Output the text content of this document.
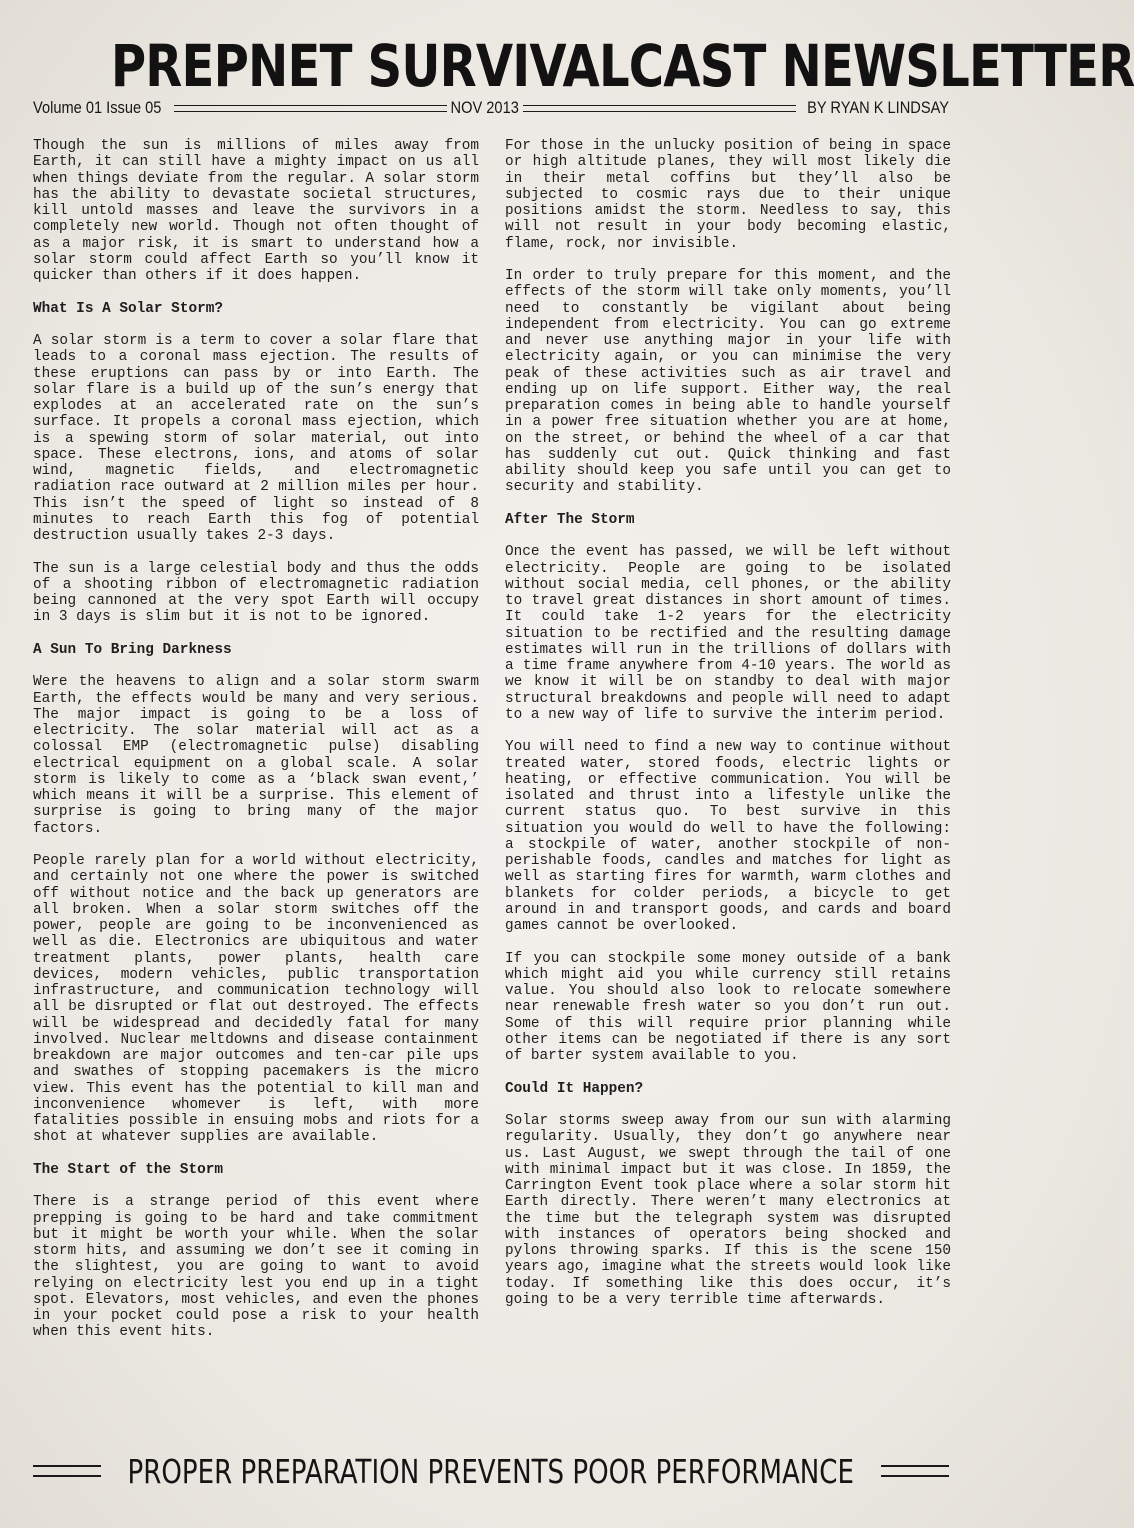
PREPNET SURVIVALCAST NEWSLETTER
Volume 01 Issue 05	NOV 2013	BY RYAN K LINDSAY

Though the sun is millions of miles away from Earth, it can still have a mighty impact on us all when things deviate from the regular. A solar storm has the ability to devastate societal structures, kill untold masses and leave the survivors in a completely new world. Though not often thought of as a major risk, it is smart to understand how a solar storm could affect Earth so you’ll know it quicker than others if it does happen.

What Is A Solar Storm?

A solar storm is a term to cover a solar flare that leads to a coronal mass ejection. The results of these eruptions can pass by or into Earth. The solar flare is a build up of the sun’s energy that explodes at an accelerated rate on the sun’s surface. It propels a coronal mass ejection, which is a spewing storm of solar material, out into space. These electrons, ions, and atoms of solar wind, magnetic fields, and electromagnetic radiation race outward at 2 million miles per hour. This isn’t the speed of light so instead of 8 minutes to reach Earth this fog of potential destruction usually takes 2-3 days.

The sun is a large celestial body and thus the odds of a shooting ribbon of electromagnetic radiation being cannoned at the very spot Earth will occupy in 3 days is slim but it is not to be ignored.

A Sun To Bring Darkness

Were the heavens to align and a solar storm swarm Earth, the effects would be many and very serious. The major impact is going to be a loss of electricity. The solar material will act as a colossal EMP (electromagnetic pulse) disabling electrical equipment on a global scale. A solar storm is likely to come as a ‘black swan event,’ which means it will be a surprise. This element of surprise is going to bring many of the major factors.

People rarely plan for a world without electricity, and certainly not one where the power is switched off without notice and the back up generators are all broken. When a solar storm switches off the power, people are going to be inconvenienced as well as die. Electronics are ubiquitous and water treatment plants, power plants, health care devices, modern vehicles, public transportation infrastructure, and communication technology will all be disrupted or flat out destroyed. The effects will be widespread and decidedly fatal for many involved. Nuclear meltdowns and disease containment breakdown are major outcomes and ten-car pile ups and swathes of stopping pacemakers is the micro view. This event has the potential to kill man and inconvenience whomever is left, with more fatalities possible in ensuing mobs and riots for a shot at whatever supplies are available.

The Start of the Storm

There is a strange period of this event where prepping is going to be hard and take commitment but it might be worth your while. When the solar storm hits, and assuming we don’t see it coming in the slightest, you are going to want to avoid relying on electricity lest you end up in a tight spot. Elevators, most vehicles, and even the phones in your pocket could pose a risk to your health when this event hits.

For those in the unlucky position of being in space or high altitude planes, they will most likely die in their metal coffins but they’ll also be subjected to cosmic rays due to their unique positions amidst the storm. Needless to say, this will not result in your body becoming elastic, flame, rock, nor invisible.

In order to truly prepare for this moment, and the effects of the storm will take only moments, you’ll need to constantly be vigilant about being independent from electricity. You can go extreme and never use anything major in your life with electricity again, or you can minimise the very peak of these activities such as air travel and ending up on life support. Either way, the real preparation comes in being able to handle yourself in a power free situation whether you are at home, on the street, or behind the wheel of a car that has suddenly cut out. Quick thinking and fast ability should keep you safe until you can get to security and stability.

After The Storm

Once the event has passed, we will be left without electricity. People are going to be isolated without social media, cell phones, or the ability to travel great distances in short amount of times. It could take 1-2 years for the electricity situation to be rectified and the resulting damage estimates will run in the trillions of dollars with a time frame anywhere from 4-10 years. The world as we know it will be on standby to deal with major structural breakdowns and people will need to adapt to a new way of life to survive the interim period.

You will need to find a new way to continue without treated water, stored foods, electric lights or heating, or effective communication. You will be isolated and thrust into a lifestyle unlike the current status quo. To best survive in this situation you would do well to have the following: a stockpile of water, another stockpile of non-perishable foods, candles and matches for light as well as starting fires for warmth, warm clothes and blankets for colder periods, a bicycle to get around in and transport goods, and cards and board games cannot be overlooked.

If you can stockpile some money outside of a bank which might aid you while currency still retains value. You should also look to relocate somewhere near renewable fresh water so you don’t run out. Some of this will require prior planning while other items can be negotiated if there is any sort of barter system available to you.

Could It Happen?

Solar storms sweep away from our sun with alarming regularity. Usually, they don’t go anywhere near us. Last August, we swept through the tail of one with minimal impact but it was close. In 1859, the Carrington Event took place where a solar storm hit Earth directly. There weren’t many electronics at the time but the telegraph system was disrupted with instances of operators being shocked and pylons throwing sparks. If this is the scene 150 years ago, imagine what the streets would look like today. If something like this does occur, it’s going to be a very terrible time afterwards.

PROPER PREPARATION PREVENTS POOR PERFORMANCE
